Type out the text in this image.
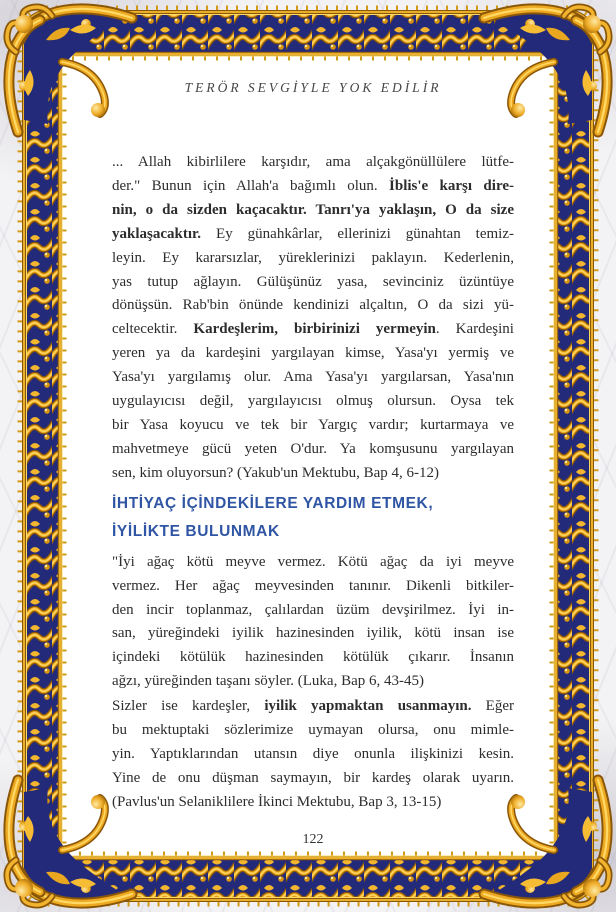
TERÖR SEVGİYLE YOK EDİLİR
... Allah kibirlilere karşıdır, ama alçakgönüllülere lütfe-
der." Bunun için Allah'a bağımlı olun. İblis'e karşı dire-
nin, o da sizden kaçacaktır. Tanrı'ya yaklaşın, O da size
yaklaşacaktır. Ey günahkârlar, ellerinizi günahtan temiz-
leyin. Ey kararsızlar, yüreklerinizi paklayın. Kederlenin,
yas tutup ağlayın. Gülüşünüz yasa, sevinciniz üzüntüye
dönüşsün. Rab'bin önünde kendinizi alçaltın, O da sizi yü-
celtecektir. Kardeşlerim, birbirinizi yermeyin. Kardeşini
yeren ya da kardeşini yargılayan kimse, Yasa'yı yermiş ve
Yasa'yı yargılamış olur. Ama Yasa'yı yargılarsan, Yasa'nın
uygulayıcısı değil, yargılayıcısı olmuş olursun. Oysa tek
bir Yasa koyucu ve tek bir Yargıç vardır; kurtarmaya ve
mahvetmeye gücü yeten O'dur. Ya komşusunu yargılayan
sen, kim oluyorsun? (Yakub'un Mektubu, Bap 4, 6-12)
İHTİYAÇ İÇİNDEKİLERE YARDIM ETMEK,
İYİLİKTE BULUNMAK
"İyi ağaç kötü meyve vermez. Kötü ağaç da iyi meyve
vermez. Her ağaç meyvesinden tanınır. Dikenli bitkiler-
den incir toplanmaz, çalılardan üzüm devşirilmez. İyi in-
san, yüreğindeki iyilik hazinesinden iyilik, kötü insan ise
içindeki kötülük hazinesinden kötülük çıkarır. İnsanın
ağzı, yüreğinden taşanı söyler. (Luka, Bap 6, 43-45)
Sizler ise kardeşler, iyilik yapmaktan usanmayın. Eğer
bu mektuptaki sözlerimize uymayan olursa, onu mimle-
yin. Yaptıklarından utansın diye onunla ilişkinizi kesin.
Yine de onu düşman saymayın, bir kardeş olarak uyarın.
(Pavlus'un Selaniklilere İkinci Mektubu, Bap 3, 13-15)
122
